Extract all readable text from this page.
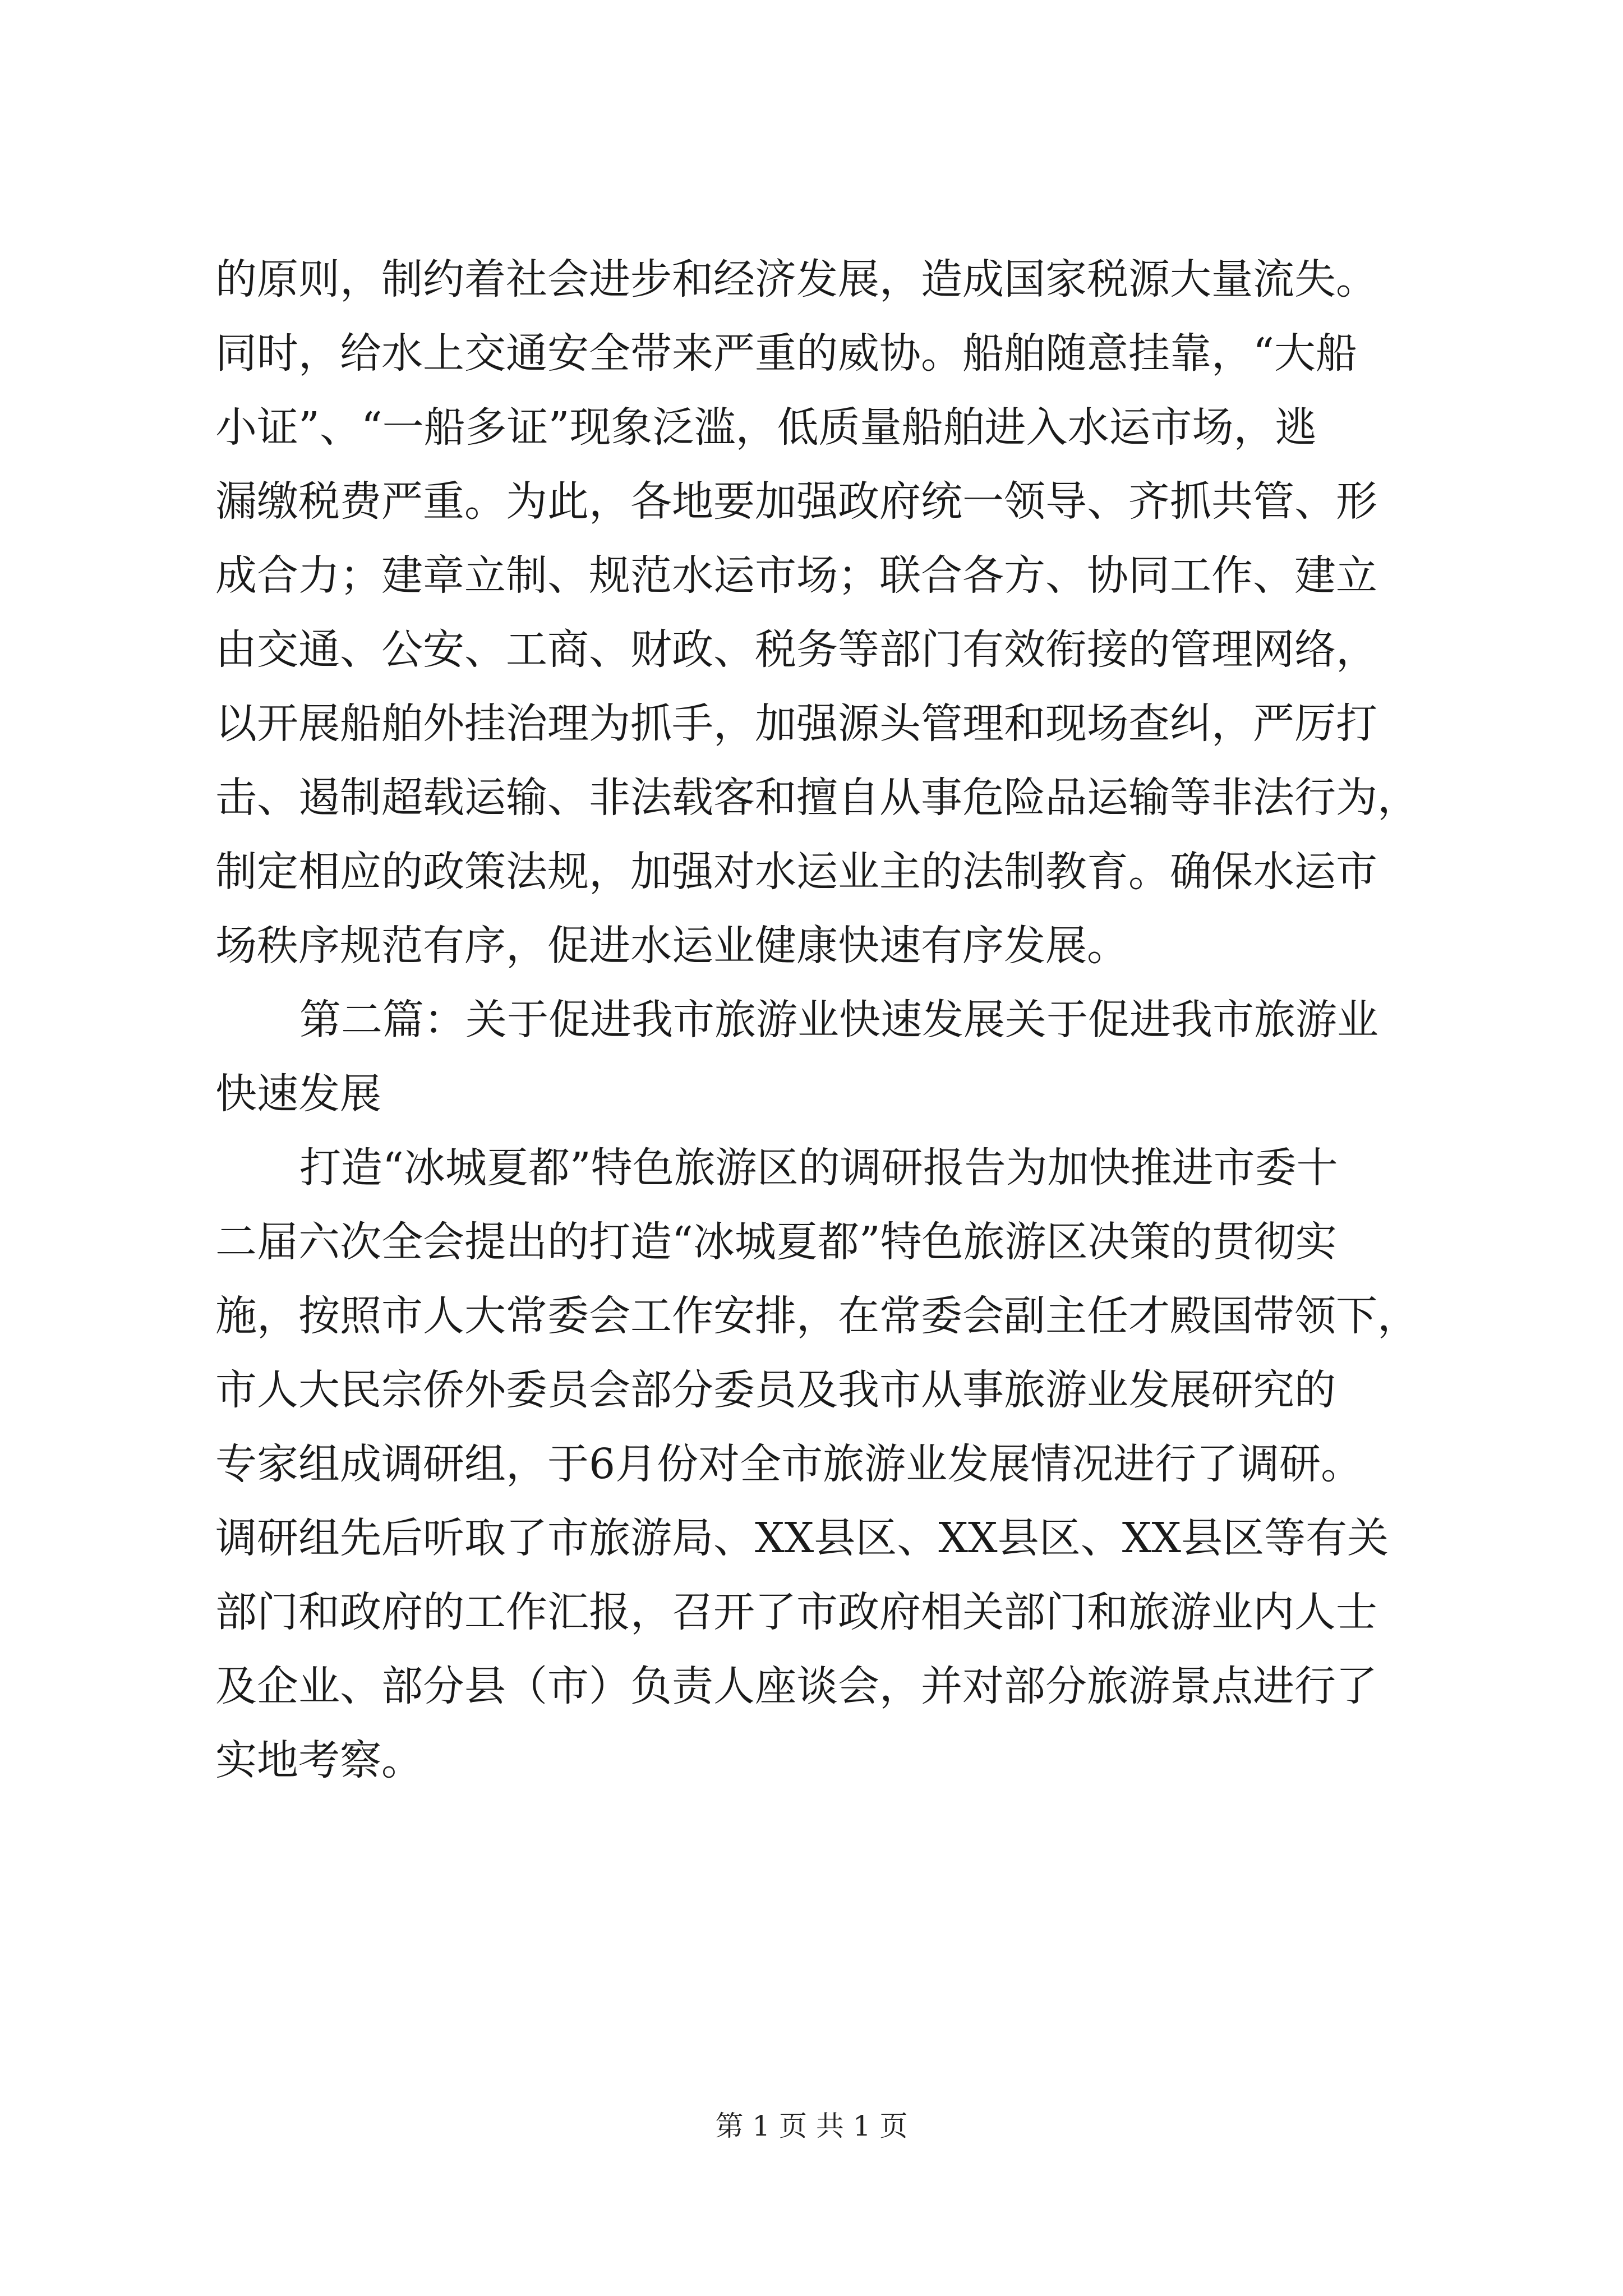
的原则，制约着社会进步和经济发展，造成国家税源大量流失。
同时，给水上交通安全带来严重的威协。船舶随意挂靠，“大船
小证”、“一船多证”现象泛滥，低质量船舶进入水运市场，逃
漏缴税费严重。为此，各地要加强政府统一领导、齐抓共管、形
成合力；建章立制、规范水运市场；联合各方、协同工作、建立
由交通、公安、工商、财政、税务等部门有效衔接的管理网络，
以开展船舶外挂治理为抓手，加强源头管理和现场查纠，严厉打
击、遏制超载运输、非法载客和擅自从事危险品运输等非法行为，
制定相应的政策法规，加强对水运业主的法制教育。确保水运市
场秩序规范有序，促进水运业健康快速有序发展。
第二篇：关于促进我市旅游业快速发展关于促进我市旅游业
快速发展
打造“冰城夏都”特色旅游区的调研报告为加快推进市委十
二届六次全会提出的打造“冰城夏都”特色旅游区决策的贯彻实
施，按照市人大常委会工作安排，在常委会副主任才殿国带领下，
市人大民宗侨外委员会部分委员及我市从事旅游业发展研究的
专家组成调研组，于6月份对全市旅游业发展情况进行了调研。
调研组先后听取了市旅游局、XX县区、XX县区、XX县区等有关
部门和政府的工作汇报，召开了市政府相关部门和旅游业内人士
及企业、部分县（市）负责人座谈会，并对部分旅游景点进行了
实地考察。
第 1 页 共 1 页
